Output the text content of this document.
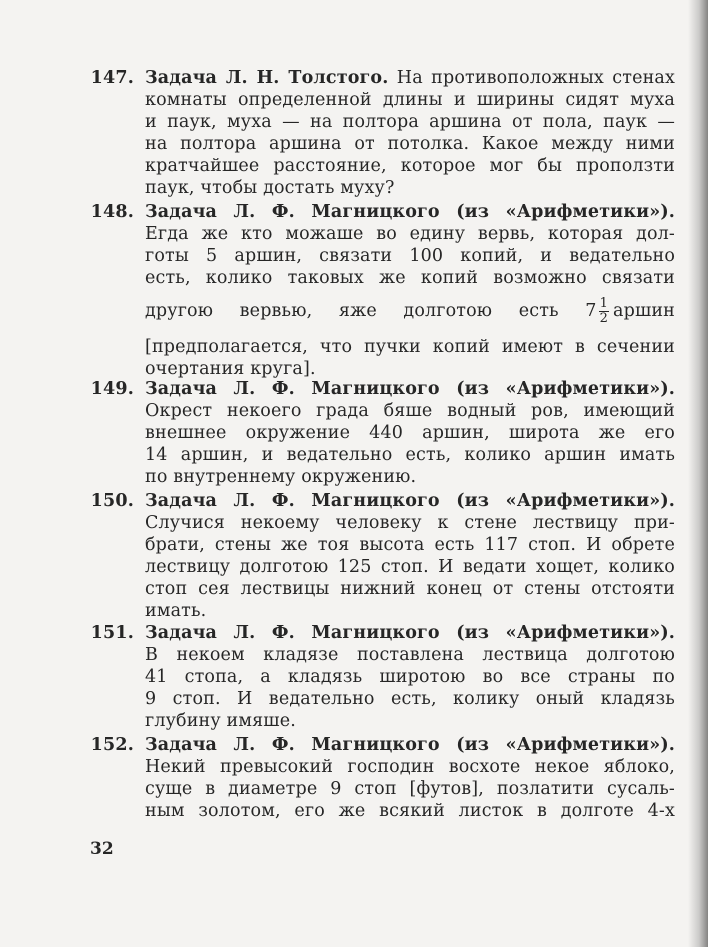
147. Задача Л. Н. Толстого. На противоположных стенах
комнаты определенной длины и ширины сидят муха
и паук, муха — на полтора аршина от пола, паук —
на полтора аршина от потолка. Какое между ними
кратчайшее расстояние, которое мог бы проползти
паук, чтобы достать муху?
148. Задача Л. Ф. Магницкого (из «Арифметики»).
Егда же кто можаше во едину вервь, которая дол-
готы 5 аршин, связати 100 копий, и ведательно
есть, колико таковых же копий возможно связати
другою вервью, яже долготою есть $7 \frac{1}{2}$ аршин
[предполагается, что пучки копий имеют в сечении
очертания круга].
149. Задача Л. Ф. Магницкого (из «Арифметики»).
Окрест некоего града бяше водный ров, имеющий
внешнее окружение 440 аршин, широта же его
14 аршин, и ведательно есть, колико аршин имать
по внутреннему окружению.
150. Задача Л. Ф. Магницкого (из «Арифметики»).
Случися некоему человеку к стене лествицу при-
брати, стены же тоя высота есть 117 стоп. И обрете
лествицу долготою 125 стоп. И ведати хощет, колико
стоп сея лествицы нижний конец от стены отстояти
имать.
151. Задача Л. Ф. Магницкого (из «Арифметики»).
В некоем кладязе поставлена лествица долготою
41 стопа, а кладязь широтою во все страны по
9 стоп. И ведательно есть, колику оный кладязь
глубину имяше.
152. Задача Л. Ф. Магницкого (из «Арифметики»).
Некий превысокий господин восхоте некое яблоко,
суще в диаметре 9 стоп [футов], позлатити сусаль-
ным золотом, его же всякий листок в долготе 4-х
32
